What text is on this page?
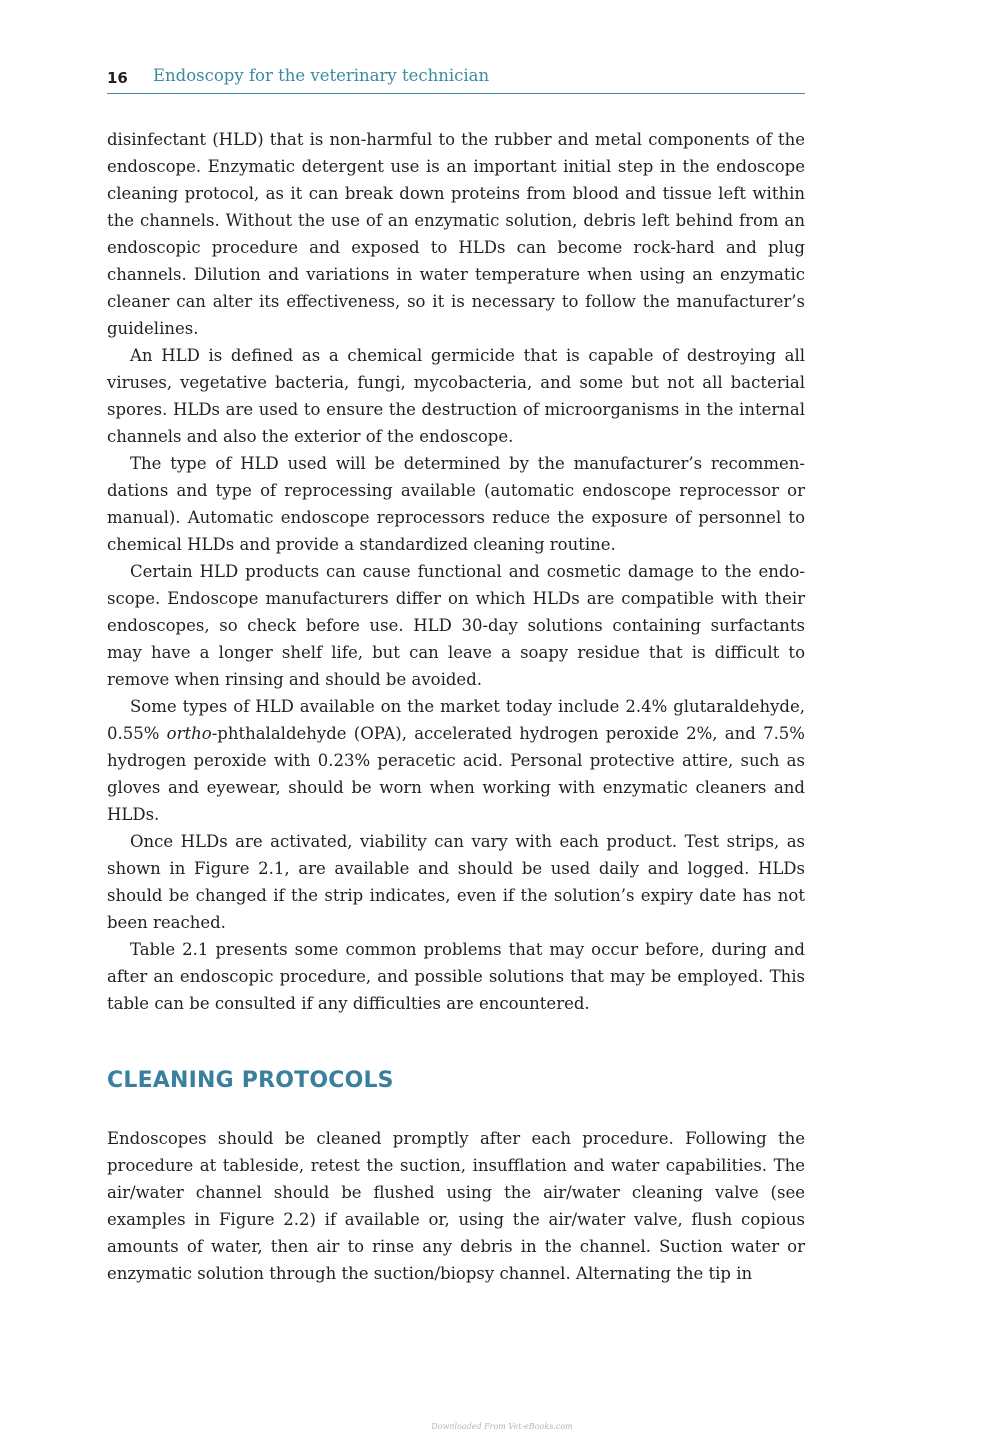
16 Endoscopy for the veterinary technician

disinfectant (HLD) that is non-harmful to the rubber and metal components of the endoscope. Enzymatic detergent use is an important initial step in the endoscope cleaning protocol, as it can break down proteins from blood and tissue left within the channels. Without the use of an enzymatic solution, debris left behind from an endoscopic procedure and exposed to HLDs can become rock-hard and plug channels. Dilution and variations in water temperature when using an enzymatic cleaner can alter its effectiveness, so it is necessary to follow the manufacturer’s guidelines.

An HLD is defined as a chemical germicide that is capable of destroying all viruses, vegetative bacteria, fungi, mycobacteria, and some but not all bacterial spores. HLDs are used to ensure the destruction of microorganisms in the internal channels and also the exterior of the endoscope.

The type of HLD used will be determined by the manufacturer’s recommendations and type of reprocessing available (automatic endoscope reprocessor or manual). Automatic endoscope reprocessors reduce the exposure of personnel to chemical HLDs and provide a standardized cleaning routine.

Certain HLD products can cause functional and cosmetic damage to the endoscope. Endoscope manufacturers differ on which HLDs are compatible with their endoscopes, so check before use. HLD 30-day solutions containing surfactants may have a longer shelf life, but can leave a soapy residue that is difficult to remove when rinsing and should be avoided.

Some types of HLD available on the market today include 2.4% glutaraldehyde, 0.55% ortho-phthalaldehyde (OPA), accelerated hydrogen peroxide 2%, and 7.5% hydrogen peroxide with 0.23% peracetic acid. Personal protective attire, such as gloves and eyewear, should be worn when working with enzymatic cleaners and HLDs.

Once HLDs are activated, viability can vary with each product. Test strips, as shown in Figure 2.1, are available and should be used daily and logged. HLDs should be changed if the strip indicates, even if the solution’s expiry date has not been reached.

Table 2.1 presents some common problems that may occur before, during and after an endoscopic procedure, and possible solutions that may be employed. This table can be consulted if any difficulties are encountered.

CLEANING PROTOCOLS

Endoscopes should be cleaned promptly after each procedure. Following the procedure at tableside, retest the suction, insufflation and water capabilities. The air/water channel should be flushed using the air/water cleaning valve (see examples in Figure 2.2) if available or, using the air/water valve, flush copious amounts of water, then air to rinse any debris in the channel. Suction water or enzymatic solution through the suction/biopsy channel. Alternating the tip in

Downloaded From Vet-eBooks.com
